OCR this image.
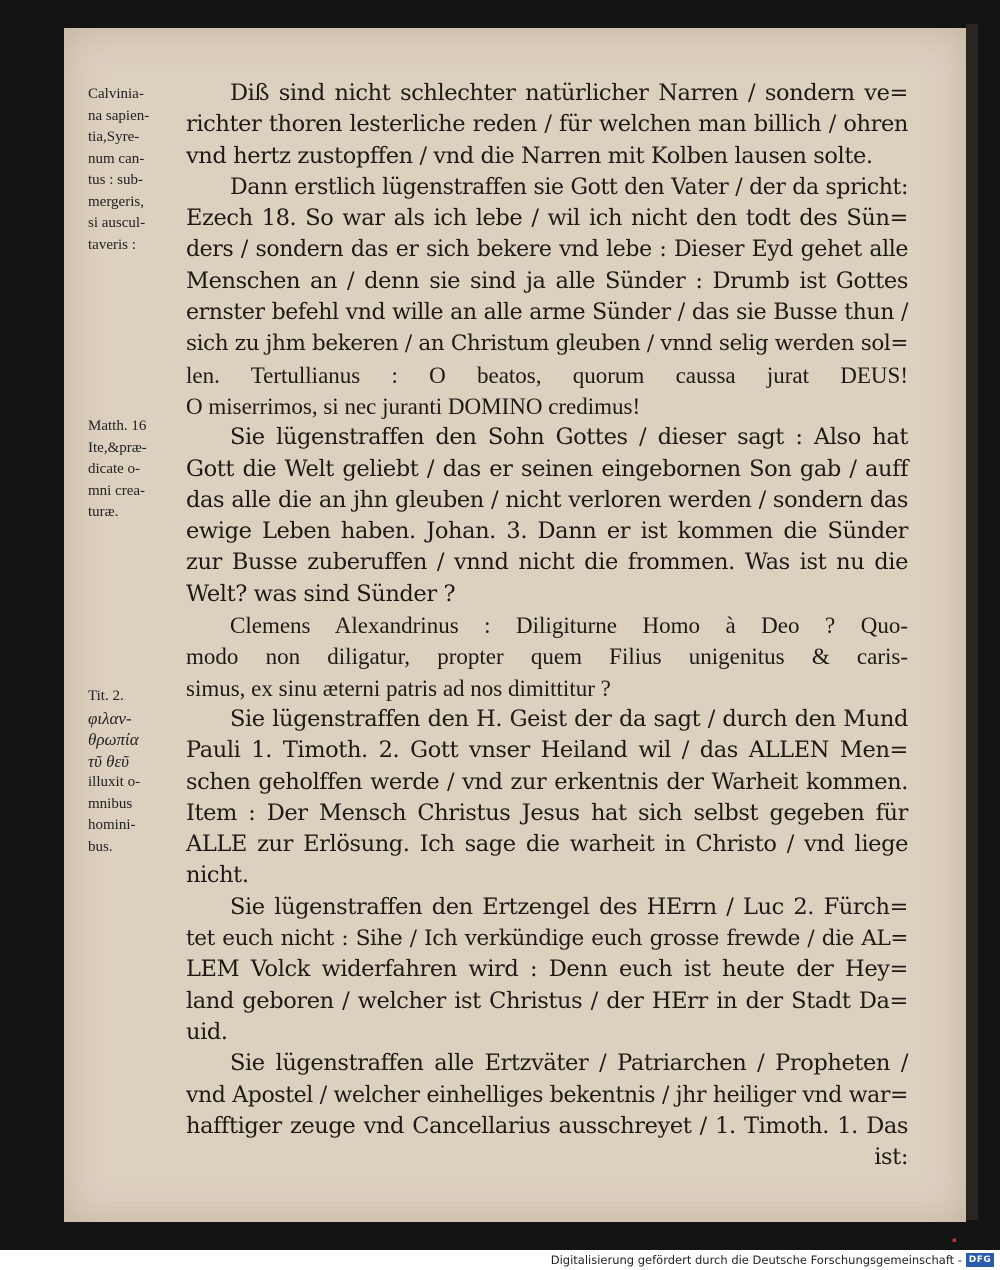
Calvinia-
na sapien-
tia,Syre-
num can-
tus : sub-
mergeris,
si auscul-
taveris :
Matth. 16
Ite,&præ-
dicate o-
mni crea-
turæ.
Tit. 2.
φιλαν-
θρωπία
τῦ θεῦ
illuxit o-
mnibus
homini-
bus.
Diß sind nicht schlechter natürlicher Narren / sondern ve=
richter thoren lesterliche reden / für welchen man billich / ohren
vnd hertz zustopffen / vnd die Narren mit Kolben lausen solte.
Dann erstlich lügenstraffen sie Gott den Vater / der da spricht:
Ezech 18. So war als ich lebe / wil ich nicht den todt des Sün=
ders / sondern das er sich bekere vnd lebe : Dieser Eyd gehet alle
Menschen an / denn sie sind ja alle Sünder : Drumb ist Gottes
ernster befehl vnd wille an alle arme Sünder / das sie Busse thun /
sich zu jhm bekeren / an Christum gleuben / vnnd selig werden sol=
len. Tertullianus : O beatos, quorum caussa jurat DEUS!
O miserrimos, si nec juranti DOMINO credimus!
Sie lügenstraffen den Sohn Gottes / dieser sagt : Also hat
Gott die Welt geliebt / das er seinen eingebornen Son gab / auff
das alle die an jhn gleuben / nicht verloren werden / sondern das
ewige Leben haben. Johan. 3. Dann er ist kommen die Sünder
zur Busse zuberuffen / vnnd nicht die frommen. Was ist nu die
Welt? was sind Sünder ?
Clemens Alexandrinus : Diligiturne Homo à Deo ? Quo-
modo non diligatur, propter quem Filius unigenitus & caris-
simus, ex sinu æterni patris ad nos dimittitur ?
Sie lügenstraffen den H. Geist der da sagt / durch den Mund
Pauli 1. Timoth. 2. Gott vnser Heiland wil / das ALLEN Men=
schen geholffen werde / vnd zur erkentnis der Warheit kommen.
Item : Der Mensch Christus Jesus hat sich selbst gegeben für
ALLE zur Erlösung. Ich sage die warheit in Christo / vnd liege
nicht.
Sie lügenstraffen den Ertzengel des HErrn / Luc 2. Fürch=
tet euch nicht : Sihe / Ich verkündige euch grosse frewde / die AL=
LEM Volck widerfahren wird : Denn euch ist heute der Hey=
land geboren / welcher ist Christus / der HErr in der Stadt Da=
uid.
Sie lügenstraffen alle Ertzväter / Patriarchen / Propheten /
vnd Apostel / welcher einhelliges bekentnis / jhr heiliger vnd war=
hafftiger zeuge vnd Cancellarius ausschreyet / 1. Timoth. 1. Das
ist:
▪
Digitalisierung gefördert durch die Deutsche Forschungsgemeinschaft - DFG
